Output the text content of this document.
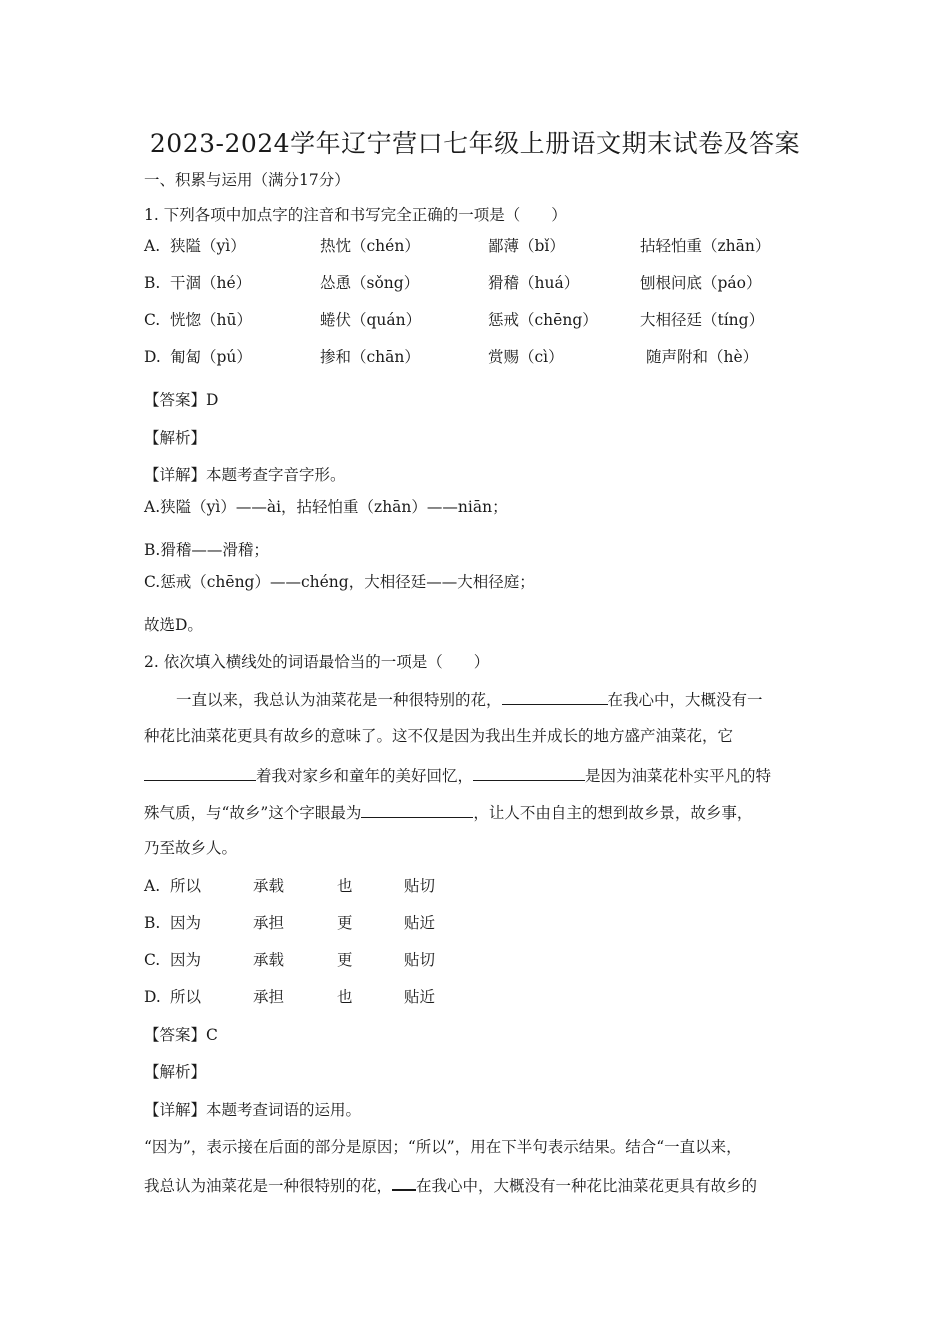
2023-2024学年辽宁营口七年级上册语文期末试卷及答案
一、积累与运用（满分17分）
1. 下列各项中加点字的注音和书写完全正确的一项是（　　）
A. 狭隘（yì）	热忱（chén）	鄙薄（bǐ）	拈轻怕重（zhān）
B. 干涸（hé）	怂恿（sǒng）	猾稽（huá）	刨根问底（páo）
C. 恍惚（hū）	蜷伏（quán）	惩戒（chēng）	大相径廷（tíng）
D. 匍匐（pú）	掺和（chān）	赏赐（cì）	随声附和（hè）
【答案】D
【解析】
【详解】本题考查字音字形。
A.狭隘（yì）——ài，拈轻怕重（zhān）——niān；
B.猾稽——滑稽；
C.惩戒（chēng）——chéng，大相径廷——大相径庭；
故选D。
2. 依次填入横线处的词语最恰当的一项是（　　）
一直以来，我总认为油菜花是一种很特别的花，	在我心中，大概没有一
种花比油菜花更具有故乡的意味了。这不仅是因为我出生并成长的地方盛产油菜花，它
着我对家乡和童年的美好回忆，	是因为油菜花朴实平凡的特
殊气质，与“故乡”这个字眼最为	，让人不由自主的想到故乡景，故乡事，
乃至故乡人。
A. 所以	承载	也	贴切
B. 因为	承担	更	贴近
C. 因为	承载	更	贴切
D. 所以	承担	也	贴近
【答案】C
【解析】
【详解】本题考查词语的运用。
“因为”，表示接在后面的部分是原因；“所以”，用在下半句表示结果。结合“一直以来，
我总认为油菜花是一种很特别的花， 在我心中，大概没有一种花比油菜花更具有故乡的
